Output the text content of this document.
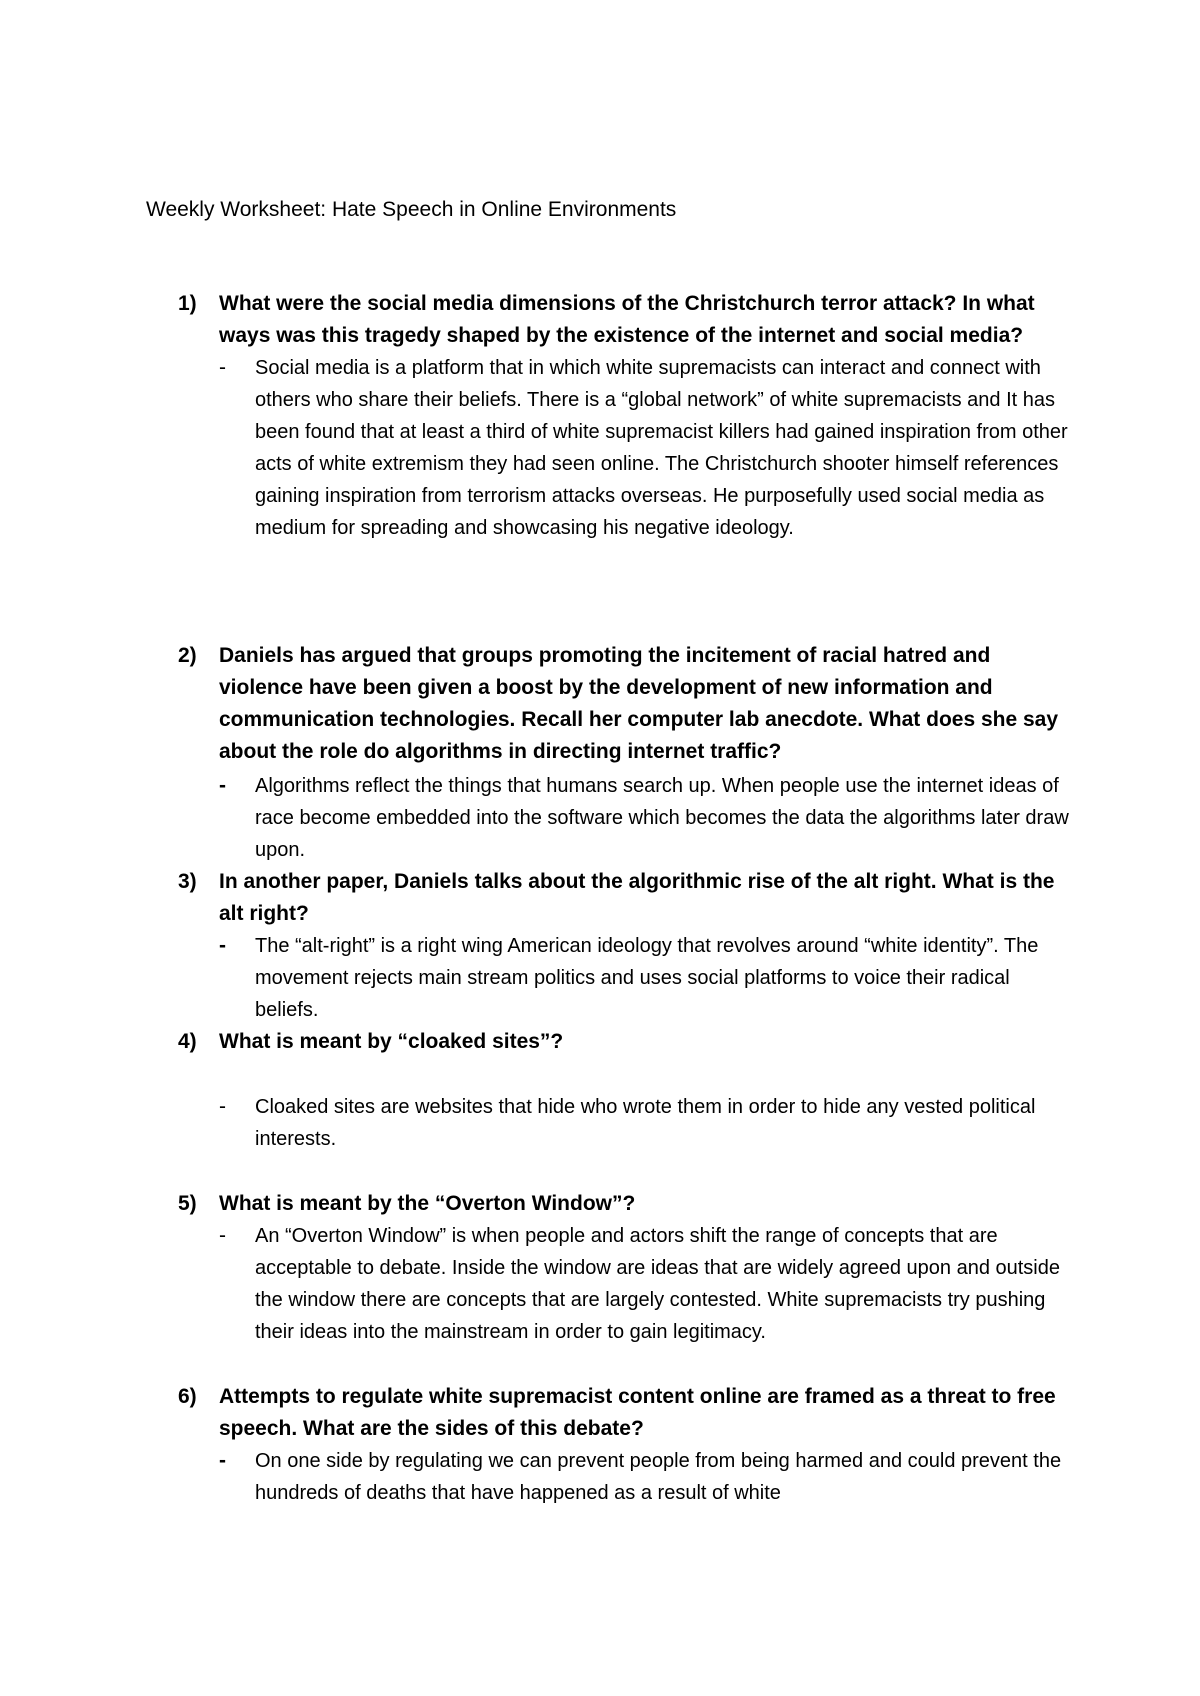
Weekly Worksheet: Hate Speech in Online Environments
1) What were the social media dimensions of the Christchurch terror attack? In what ways was this tragedy shaped by the existence of the internet and social media?
- Social media is a platform that in which white supremacists can interact and connect with others who share their beliefs. There is a “global network” of white supremacists and It has been found that at least a third of white supremacist killers had gained inspiration from other acts of white extremism they had seen online. The Christchurch shooter himself references gaining inspiration from terrorism attacks overseas. He purposefully used social media as medium for spreading and showcasing his negative ideology.
2) Daniels has argued that groups promoting the incitement of racial hatred and violence have been given a boost by the development of new information and communication technologies. Recall her computer lab anecdote. What does she say about the role do algorithms in directing internet traffic?
- Algorithms reflect the things that humans search up. When people use the internet ideas of race become embedded into the software which becomes the data the algorithms later draw upon.
3) In another paper, Daniels talks about the algorithmic rise of the alt right. What is the alt right?
- The “alt-right” is a right wing American ideology that revolves around “white identity”. The movement rejects main stream politics and uses social platforms to voice their radical beliefs.
4) What is meant by “cloaked sites”?
- Cloaked sites are websites that hide who wrote them in order to hide any vested political interests.
5) What is meant by the “Overton Window”?
- An “Overton Window” is when people and actors shift the range of concepts that are acceptable to debate. Inside the window are ideas that are widely agreed upon and outside the window there are concepts that are largely contested. White supremacists try pushing their ideas into the mainstream in order to gain legitimacy.
6) Attempts to regulate white supremacist content online are framed as a threat to free speech. What are the sides of this debate?
- On one side by regulating we can prevent people from being harmed and could prevent the hundreds of deaths that have happened as a result of white
